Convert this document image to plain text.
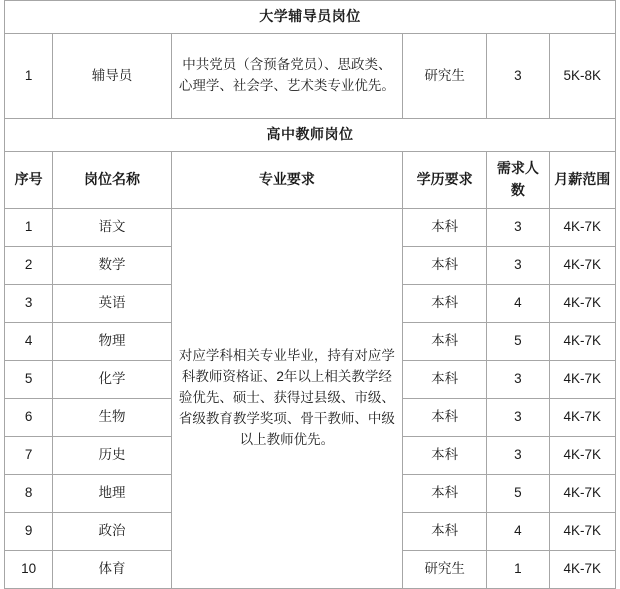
大学辅导员岗位					
1	辅导员	中共党员（含预备党员）、思政类、心理学、社会学、艺术类专业优先。	研究生	3	5K-8K
高中教师岗位					
序号	岗位名称	专业要求	学历要求	需求人数	月薪范围
1	语文	对应学科相关专业毕业，持有对应学科教师资格证、2年以上相关教学经验优先、硕士、获得过县级、市级、省级教育教学奖项、骨干教师、中级以上教师优先。	本科	3	4K-7K
2	数学		本科	3	4K-7K
3	英语		本科	4	4K-7K
4	物理		本科	5	4K-7K
5	化学		本科	3	4K-7K
6	生物		本科	3	4K-7K
7	历史		本科	3	4K-7K
8	地理		本科	5	4K-7K
9	政治		本科	4	4K-7K
10	体育		研究生	1	4K-7K
